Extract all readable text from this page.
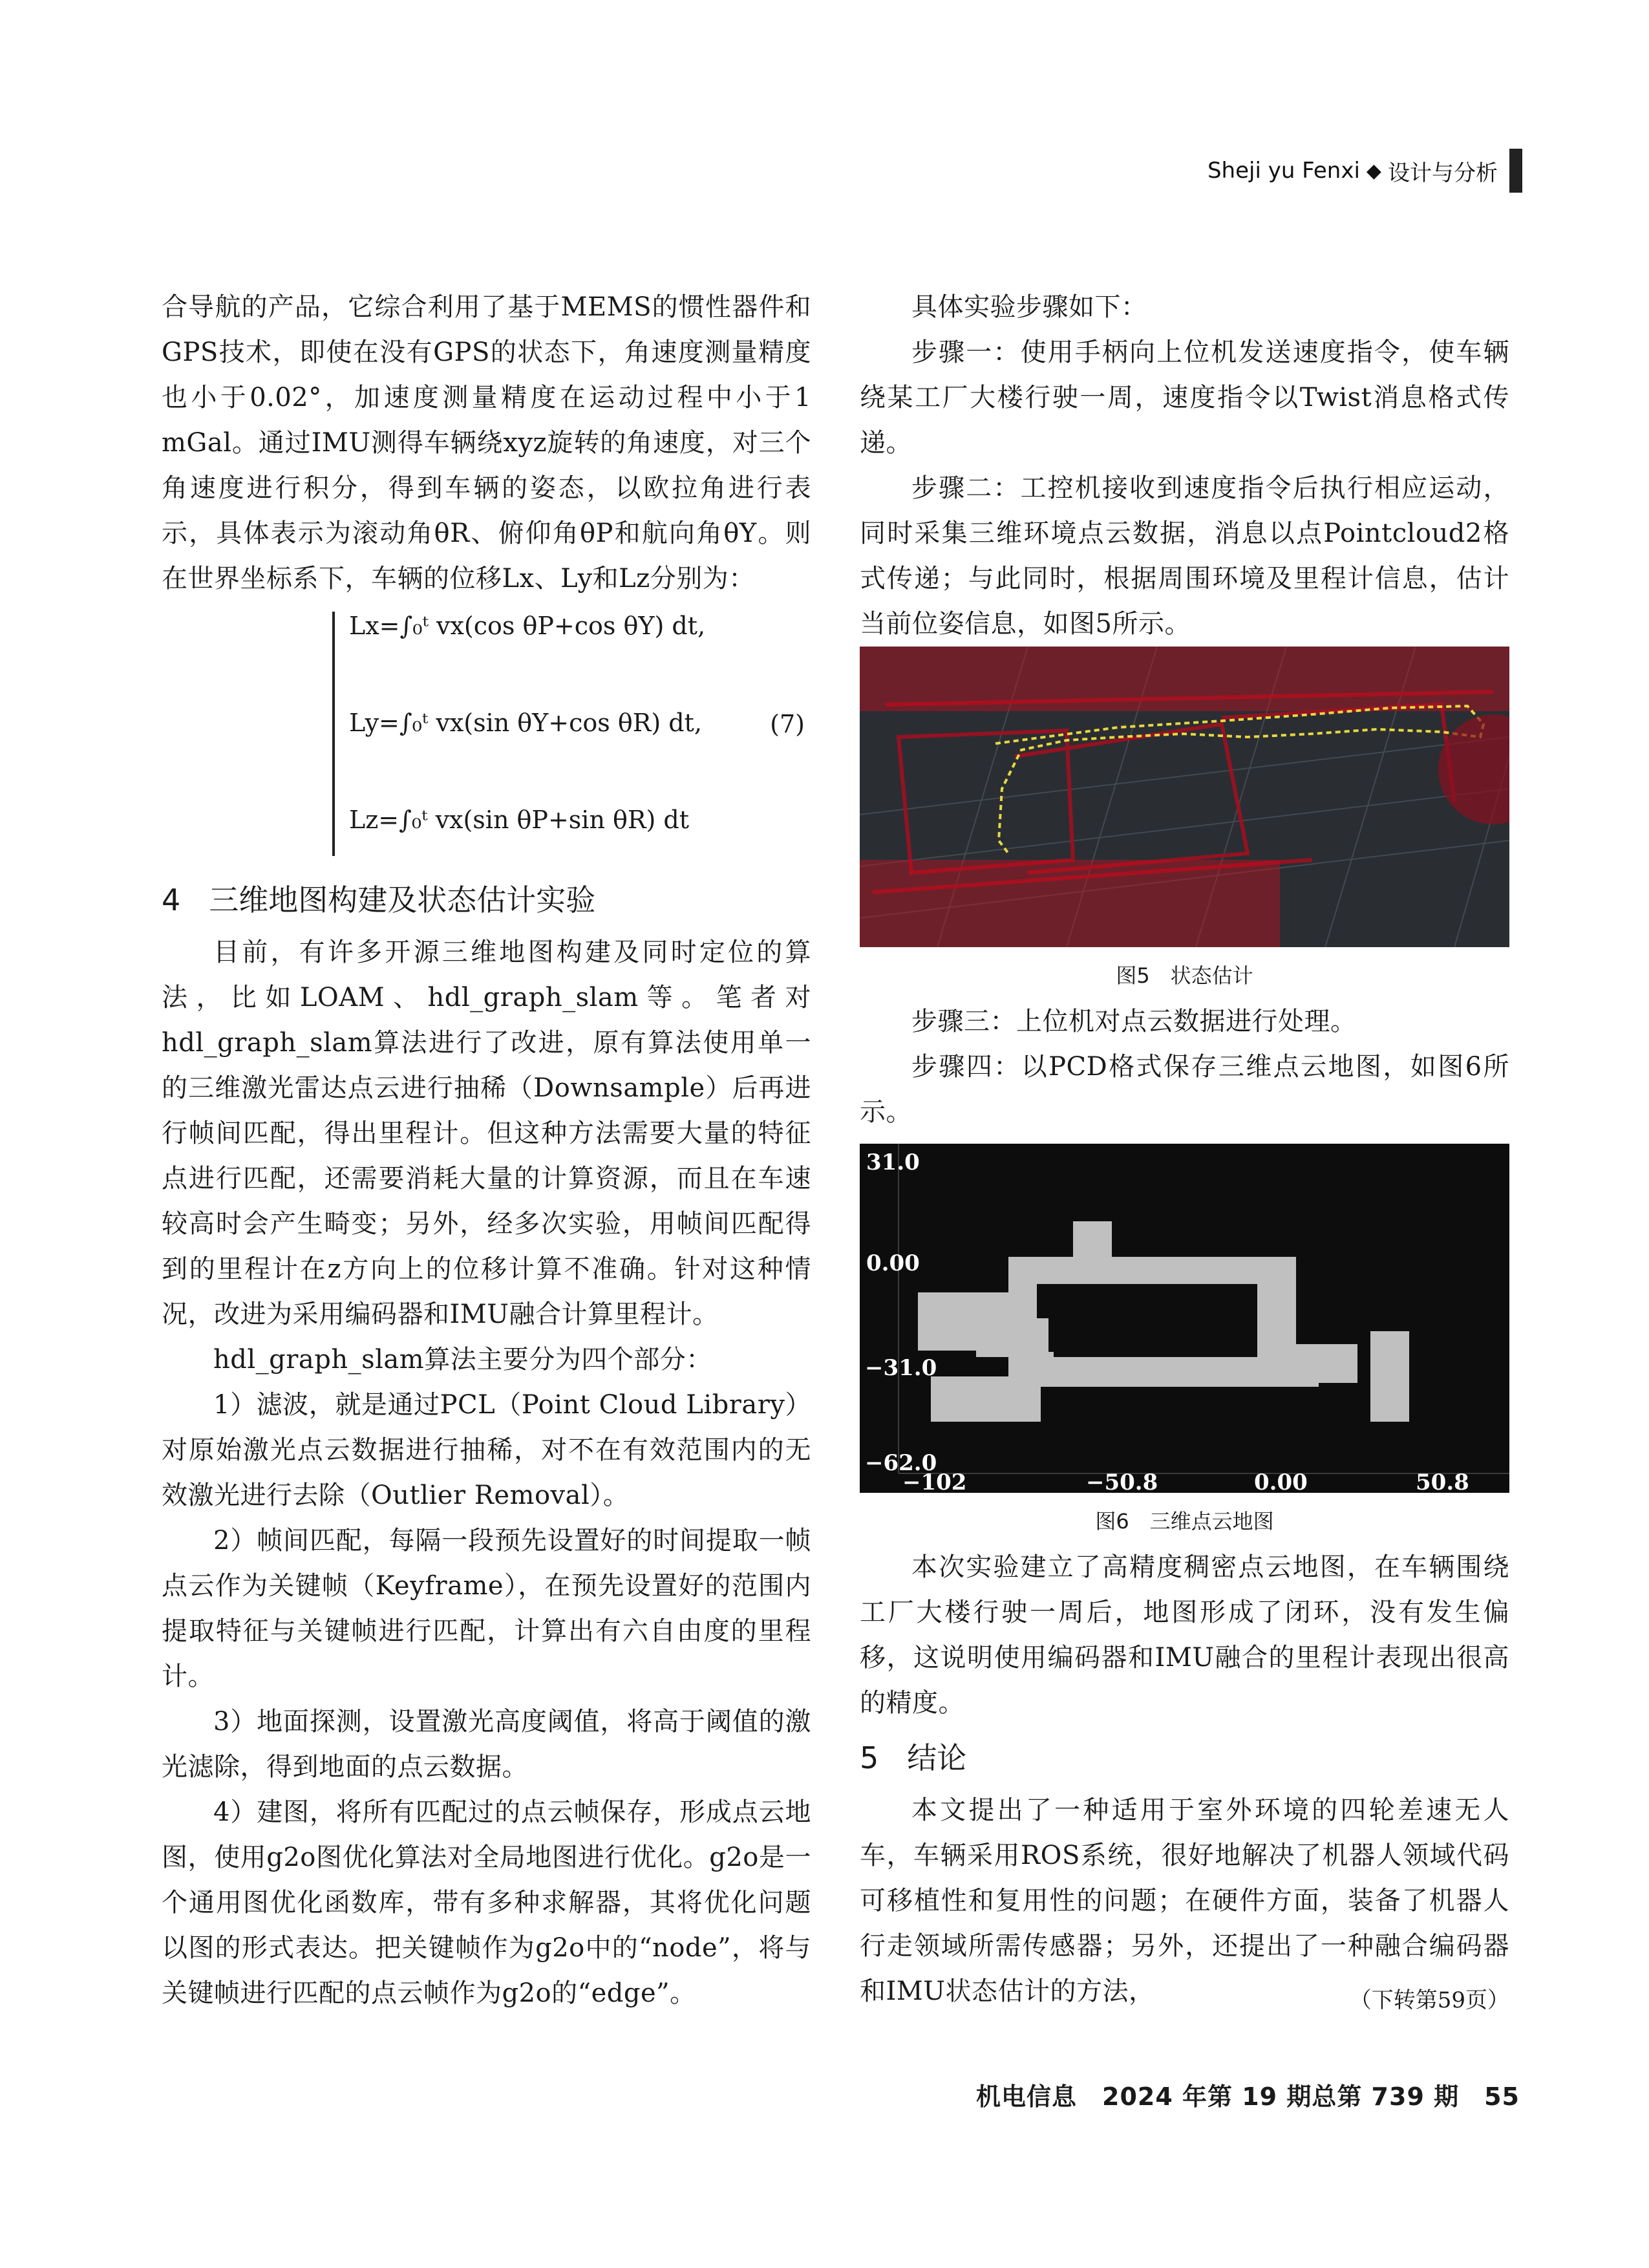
Sheji yu Fenxi ◆ 设计与分析

合导航的产品，它综合利用了基于MEMS的惯性器件和GPS技术，即使在没有GPS的状态下，角速度测量精度也小于0.02°，加速度测量精度在运动过程中小于1 mGal。通过IMU测得车辆绕xyz旋转的角速度，对三个角速度进行积分，得到车辆的姿态，以欧拉角进行表示，具体表示为滚动角θR、俯仰角θP和航向角θY。则在世界坐标系下，车辆的位移Lx、Ly和Lz分别为：

Lx=∫₀ᵗ vx(cos θP+cos θY) dt,
Ly=∫₀ᵗ vx(sin θY+cos θR) dt,
Lz=∫₀ᵗ vx(sin θP+sin θR) dt
(7)
4 三维地图构建及状态估计实验

目前，有许多开源三维地图构建及同时定位的算法，比如LOAM、hdl_graph_slam等。笔者对hdl_graph_slam算法进行了改进，原有算法使用单一的三维激光雷达点云进行抽稀（Downsample）后再进行帧间匹配，得出里程计。但这种方法需要大量的特征点进行匹配，还需要消耗大量的计算资源，而且在车速较高时会产生畸变；另外，经多次实验，用帧间匹配得到的里程计在z方向上的位移计算不准确。针对这种情况，改进为采用编码器和IMU融合计算里程计。

hdl_graph_slam算法主要分为四个部分：

1）滤波，就是通过PCL（Point Cloud Library）对原始激光点云数据进行抽稀，对不在有效范围内的无效激光进行去除（Outlier Removal）。

2）帧间匹配，每隔一段预先设置好的时间提取一帧点云作为关键帧（Keyframe），在预先设置好的范围内提取特征与关键帧进行匹配，计算出有六自由度的里程计。

3）地面探测，设置激光高度阈值，将高于阈值的激光滤除，得到地面的点云数据。

4）建图，将所有匹配过的点云帧保存，形成点云地图，使用g2o图优化算法对全局地图进行优化。g2o是一个通用图优化函数库，带有多种求解器，其将优化问题以图的形式表达。把关键帧作为g2o中的“node”，将与关键帧进行匹配的点云帧作为g2o的“edge”。

具体实验步骤如下：

步骤一：使用手柄向上位机发送速度指令，使车辆绕某工厂大楼行驶一周，速度指令以Twist消息格式传递。

步骤二：工控机接收到速度指令后执行相应运动，同时采集三维环境点云数据，消息以点Pointcloud2格式传递；与此同时，根据周围环境及里程计信息，估计当前位姿信息，如图5所示。

图5　状态估计

步骤三：上位机对点云数据进行处理。

步骤四：以PCD格式保存三维点云地图，如图6所示。

31.0
0.00
−31.0
−62.0
−102	−50.8	0.00	50.8
图6　三维点云地图

本次实验建立了高精度稠密点云地图，在车辆围绕工厂大楼行驶一周后，地图形成了闭环，没有发生偏移，这说明使用编码器和IMU融合的里程计表现出很高的精度。

5 结论

本文提出了一种适用于室外环境的四轮差速无人车，车辆采用ROS系统，很好地解决了机器人领域代码可移植性和复用性的问题；在硬件方面，装备了机器人行走领域所需传感器；另外，还提出了一种融合编码器和IMU状态估计的方法，	（下转第59页）
机电信息　2024 年第 19 期总第 739 期　55
